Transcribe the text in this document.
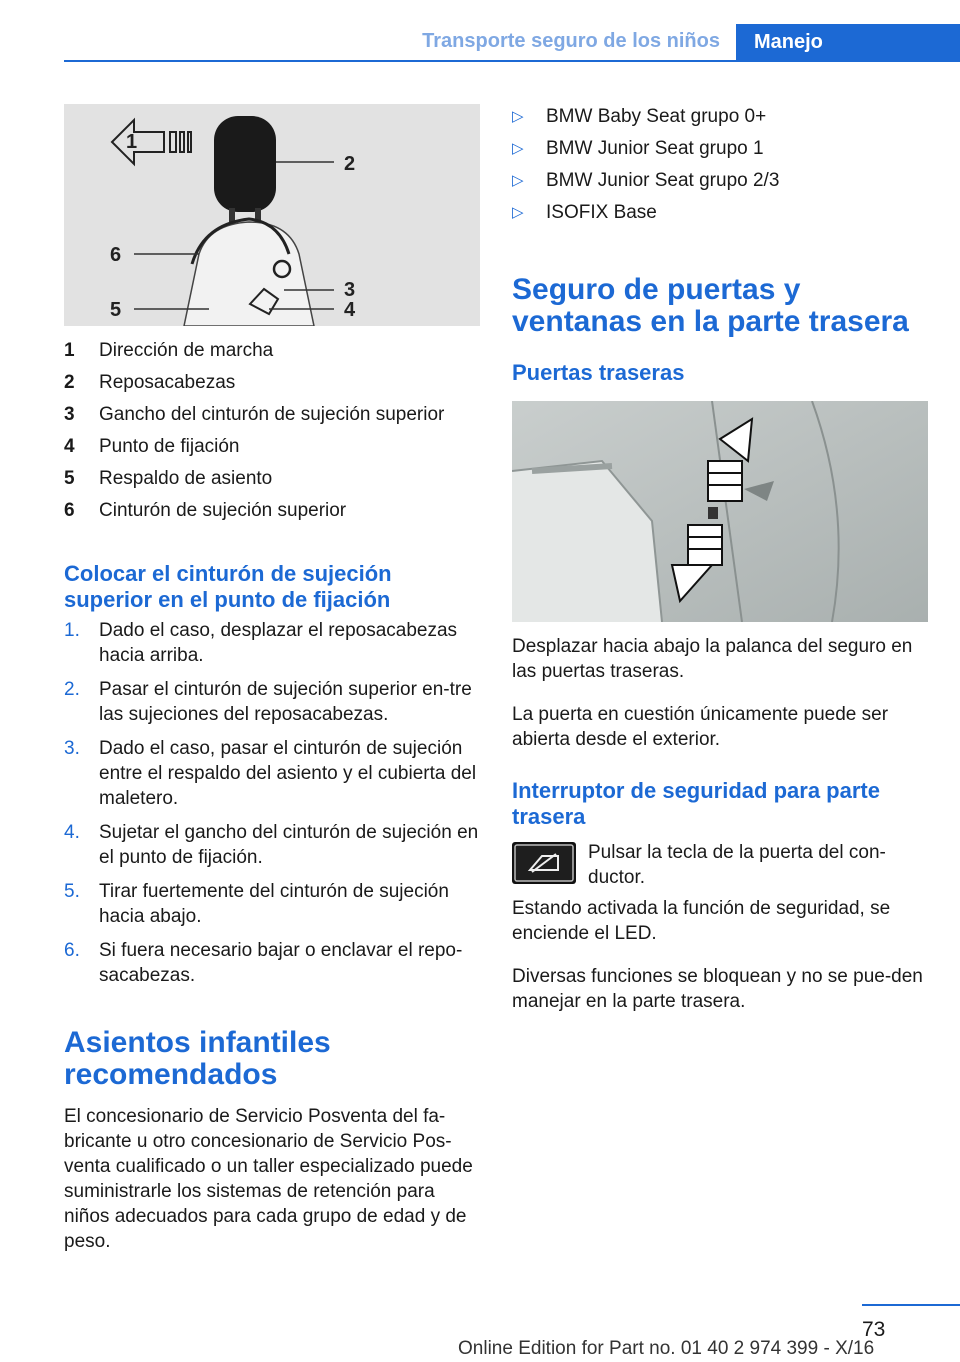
Transporte seguro de los niños	Manejo
1
2
3
4
5
6
1	Dirección de marcha
2	Reposacabezas
3	Gancho del cinturón de sujeción superior
4	Punto de fijación
5	Respaldo de asiento
6	Cinturón de sujeción superior
Colocar el cinturón de sujeción superior en el punto de fijación
1.	Dado el caso, desplazar el reposacabezas hacia arriba.
2.	Pasar el cinturón de sujeción superior en‐tre las sujeciones del reposacabezas.
3.	Dado el caso, pasar el cinturón de sujeción entre el respaldo del asiento y el cubierta del maletero.
4.	Sujetar el gancho del cinturón de sujeción en el punto de fijación.
5.	Tirar fuertemente del cinturón de sujeción hacia abajo.
6.	Si fuera necesario bajar o enclavar el repo‐sacabezas.
Asientos infantiles recomendados

El concesionario de Servicio Posventa del fa‐bricante u otro concesionario de Servicio Pos‐venta cualificado o un taller especializado puede suministrarle los sistemas de retención para niños adecuados para cada grupo de edad y de peso.

▷	BMW Baby Seat grupo 0+
▷	BMW Junior Seat grupo 1
▷	BMW Junior Seat grupo 2/3
▷	ISOFIX Base
Seguro de puertas y ventanas en la parte trasera
Puertas traseras

Desplazar hacia abajo la palanca del seguro en las puertas traseras.

La puerta en cuestión únicamente puede ser abierta desde el exterior.

Interruptor de seguridad para parte trasera

Pulsar la tecla de la puerta del con‐ductor.

Estando activada la función de seguridad, se enciende el LED.

Diversas funciones se bloquean y no se pue‐den manejar en la parte trasera.

73
Online Edition for Part no. 01 40 2 974 399 - X/16
